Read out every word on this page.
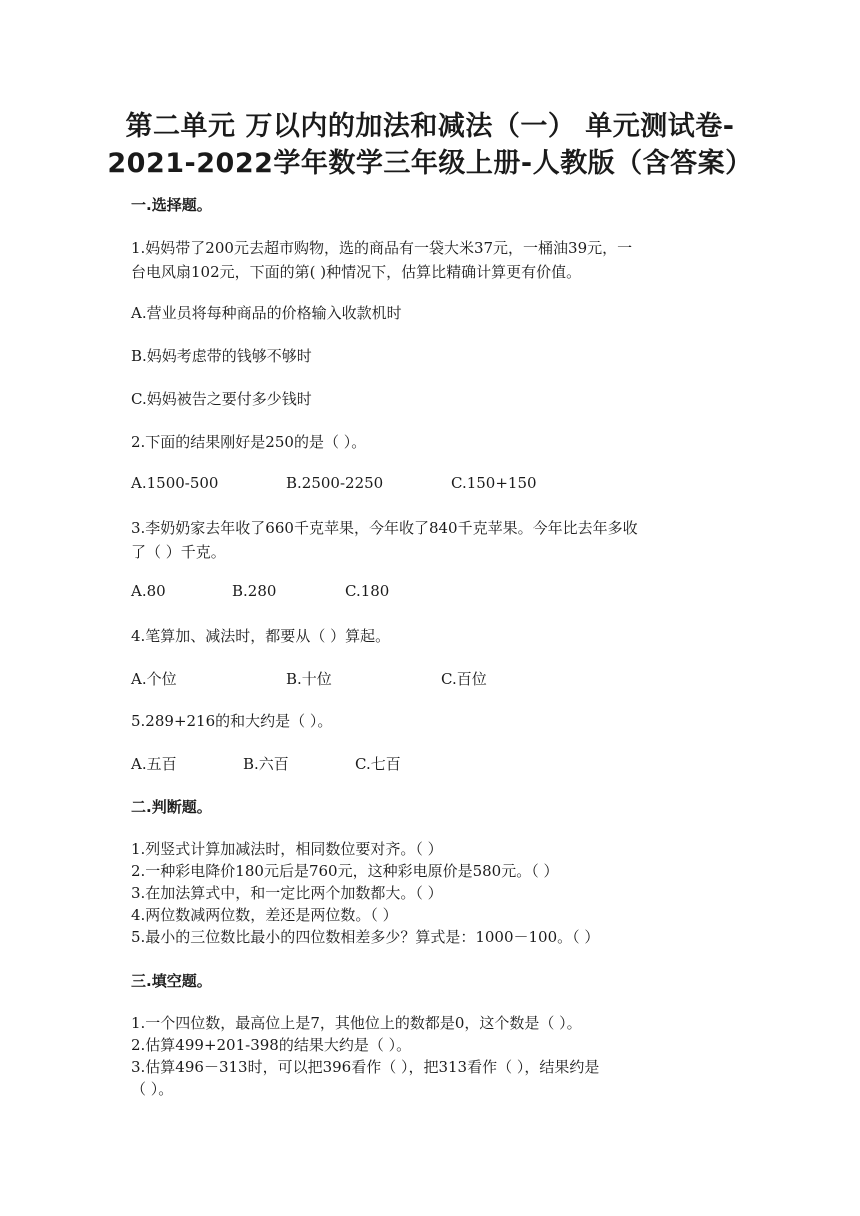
第二单元 万以内的加法和减法（一） 单元测试卷-
2021-2022学年数学三年级上册-人教版（含答案）
一.选择题。
1.妈妈带了200元去超市购物，选的商品有一袋大米37元，一桶油39元，一
台电风扇102元，下面的第( )种情况下，估算比精确计算更有价值。
A.营业员将每种商品的价格输入收款机时
B.妈妈考虑带的钱够不够时
C.妈妈被告之要付多少钱时
2.下面的结果刚好是250的是（ ）。
A.1500-500	B.2500-2250	C.150+150
3.李奶奶家去年收了660千克苹果，今年收了840千克苹果。今年比去年多收
了（ ）千克。
A.80	B.280	C.180
4.笔算加、减法时，都要从（ ）算起。
A.个位	B.十位	C.百位
5.289+216的和大约是（ ）。
A.五百	B.六百	C.七百
二.判断题。
1.列竖式计算加减法时，相同数位要对齐。（ ）
2.一种彩电降价180元后是760元，这种彩电原价是580元。（ ）
3.在加法算式中，和一定比两个加数都大。（ ）
4.两位数减两位数，差还是两位数。（ ）
5.最小的三位数比最小的四位数相差多少？算式是：1000－100。（ ）
三.填空题。
1.一个四位数，最高位上是7，其他位上的数都是0，这个数是（ ）。
2.估算499+201-398的结果大约是（ ）。
3.估算496－313时，可以把396看作（ ），把313看作（ ），结果约是
（ ）。
